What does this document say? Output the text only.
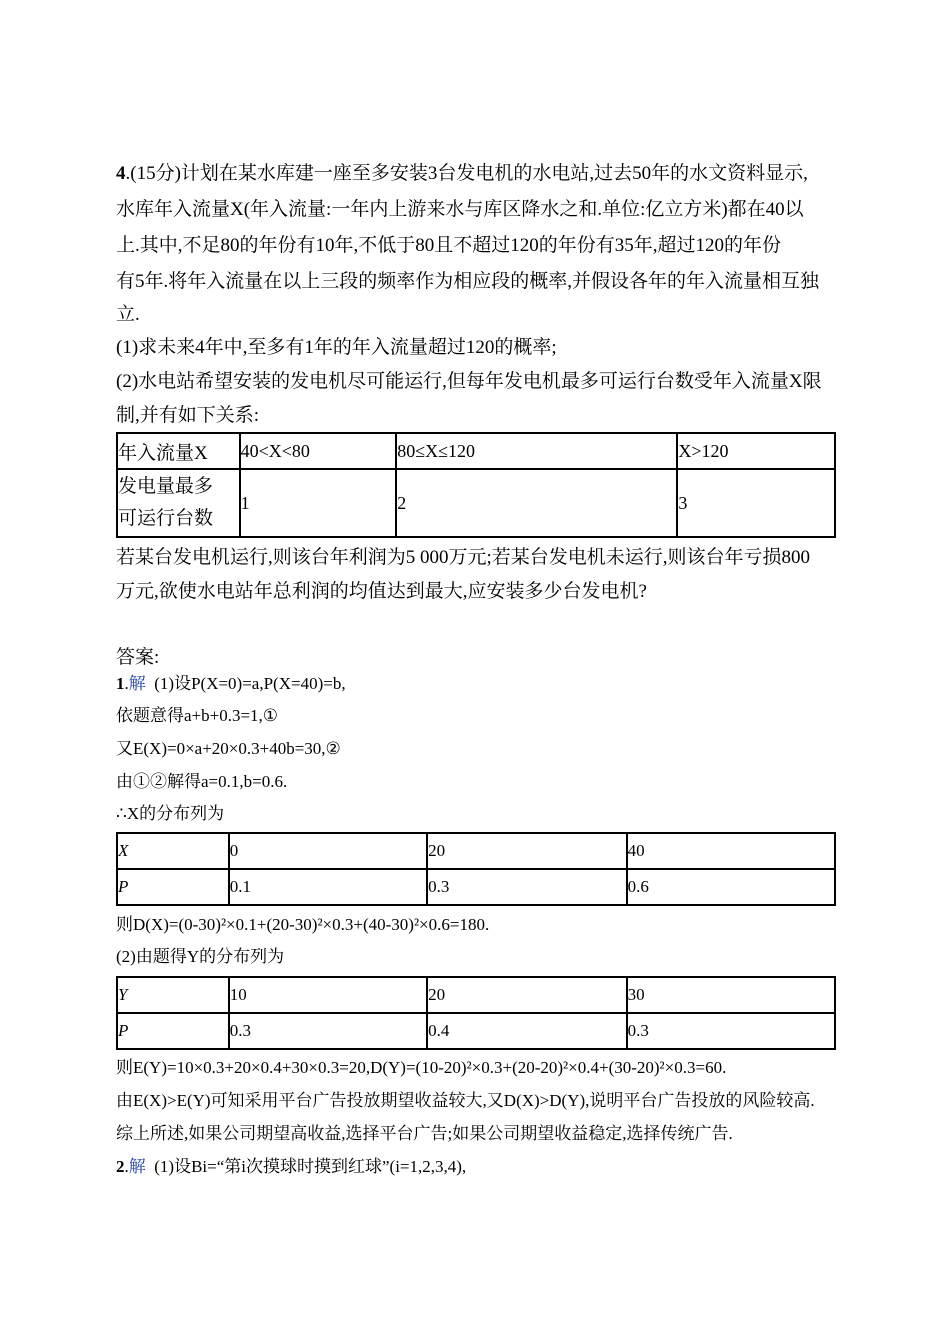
4.(15分)计划在某水库建一座至多安装3台发电机的水电站,过去50年的水文资料显示,
水库年入流量X(年入流量:一年内上游来水与库区降水之和.单位:亿立方米)都在40以
上.其中,不足80的年份有10年,不低于80且不超过120的年份有35年,超过120的年份
有5年.将年入流量在以上三段的频率作为相应段的概率,并假设各年的年入流量相互独
立.
(1)求未来4年中,至多有1年的年入流量超过120的概率;
(2)水电站希望安装的发电机尽可能运行,但每年发电机最多可运行台数受年入流量X限
制,并有如下关系:
年入流量X	40<X<80	80≤X≤120	X>120

发电量最多
可运行台数	1	2	3
若某台发电机运行,则该台年利润为5 000万元;若某台发电机未运行,则该台年亏损800
万元,欲使水电站年总利润的均值达到最大,应安装多少台发电机?
答案:
1.解 (1)设P(X=0)=a,P(X=40)=b,
依题意得a+b+0.3=1,①
又E(X)=0×a+20×0.3+40b=30,②
由①②解得a=0.1,b=0.6.
∴X的分布列为
X	0	20	40
P	0.1	0.3	0.6
则D(X)=(0-30)²×0.1+(20-30)²×0.3+(40-30)²×0.6=180.
(2)由题得Y的分布列为
Y	10	20	30
P	0.3	0.4	0.3
则E(Y)=10×0.3+20×0.4+30×0.3=20,D(Y)=(10-20)²×0.3+(20-20)²×0.4+(30-20)²×0.3=60.
由E(X)>E(Y)可知采用平台广告投放期望收益较大,又D(X)>D(Y),说明平台广告投放的风险较高.
综上所述,如果公司期望高收益,选择平台广告;如果公司期望收益稳定,选择传统广告.
2.解 (1)设Bi=“第i次摸球时摸到红球”(i=1,2,3,4),
